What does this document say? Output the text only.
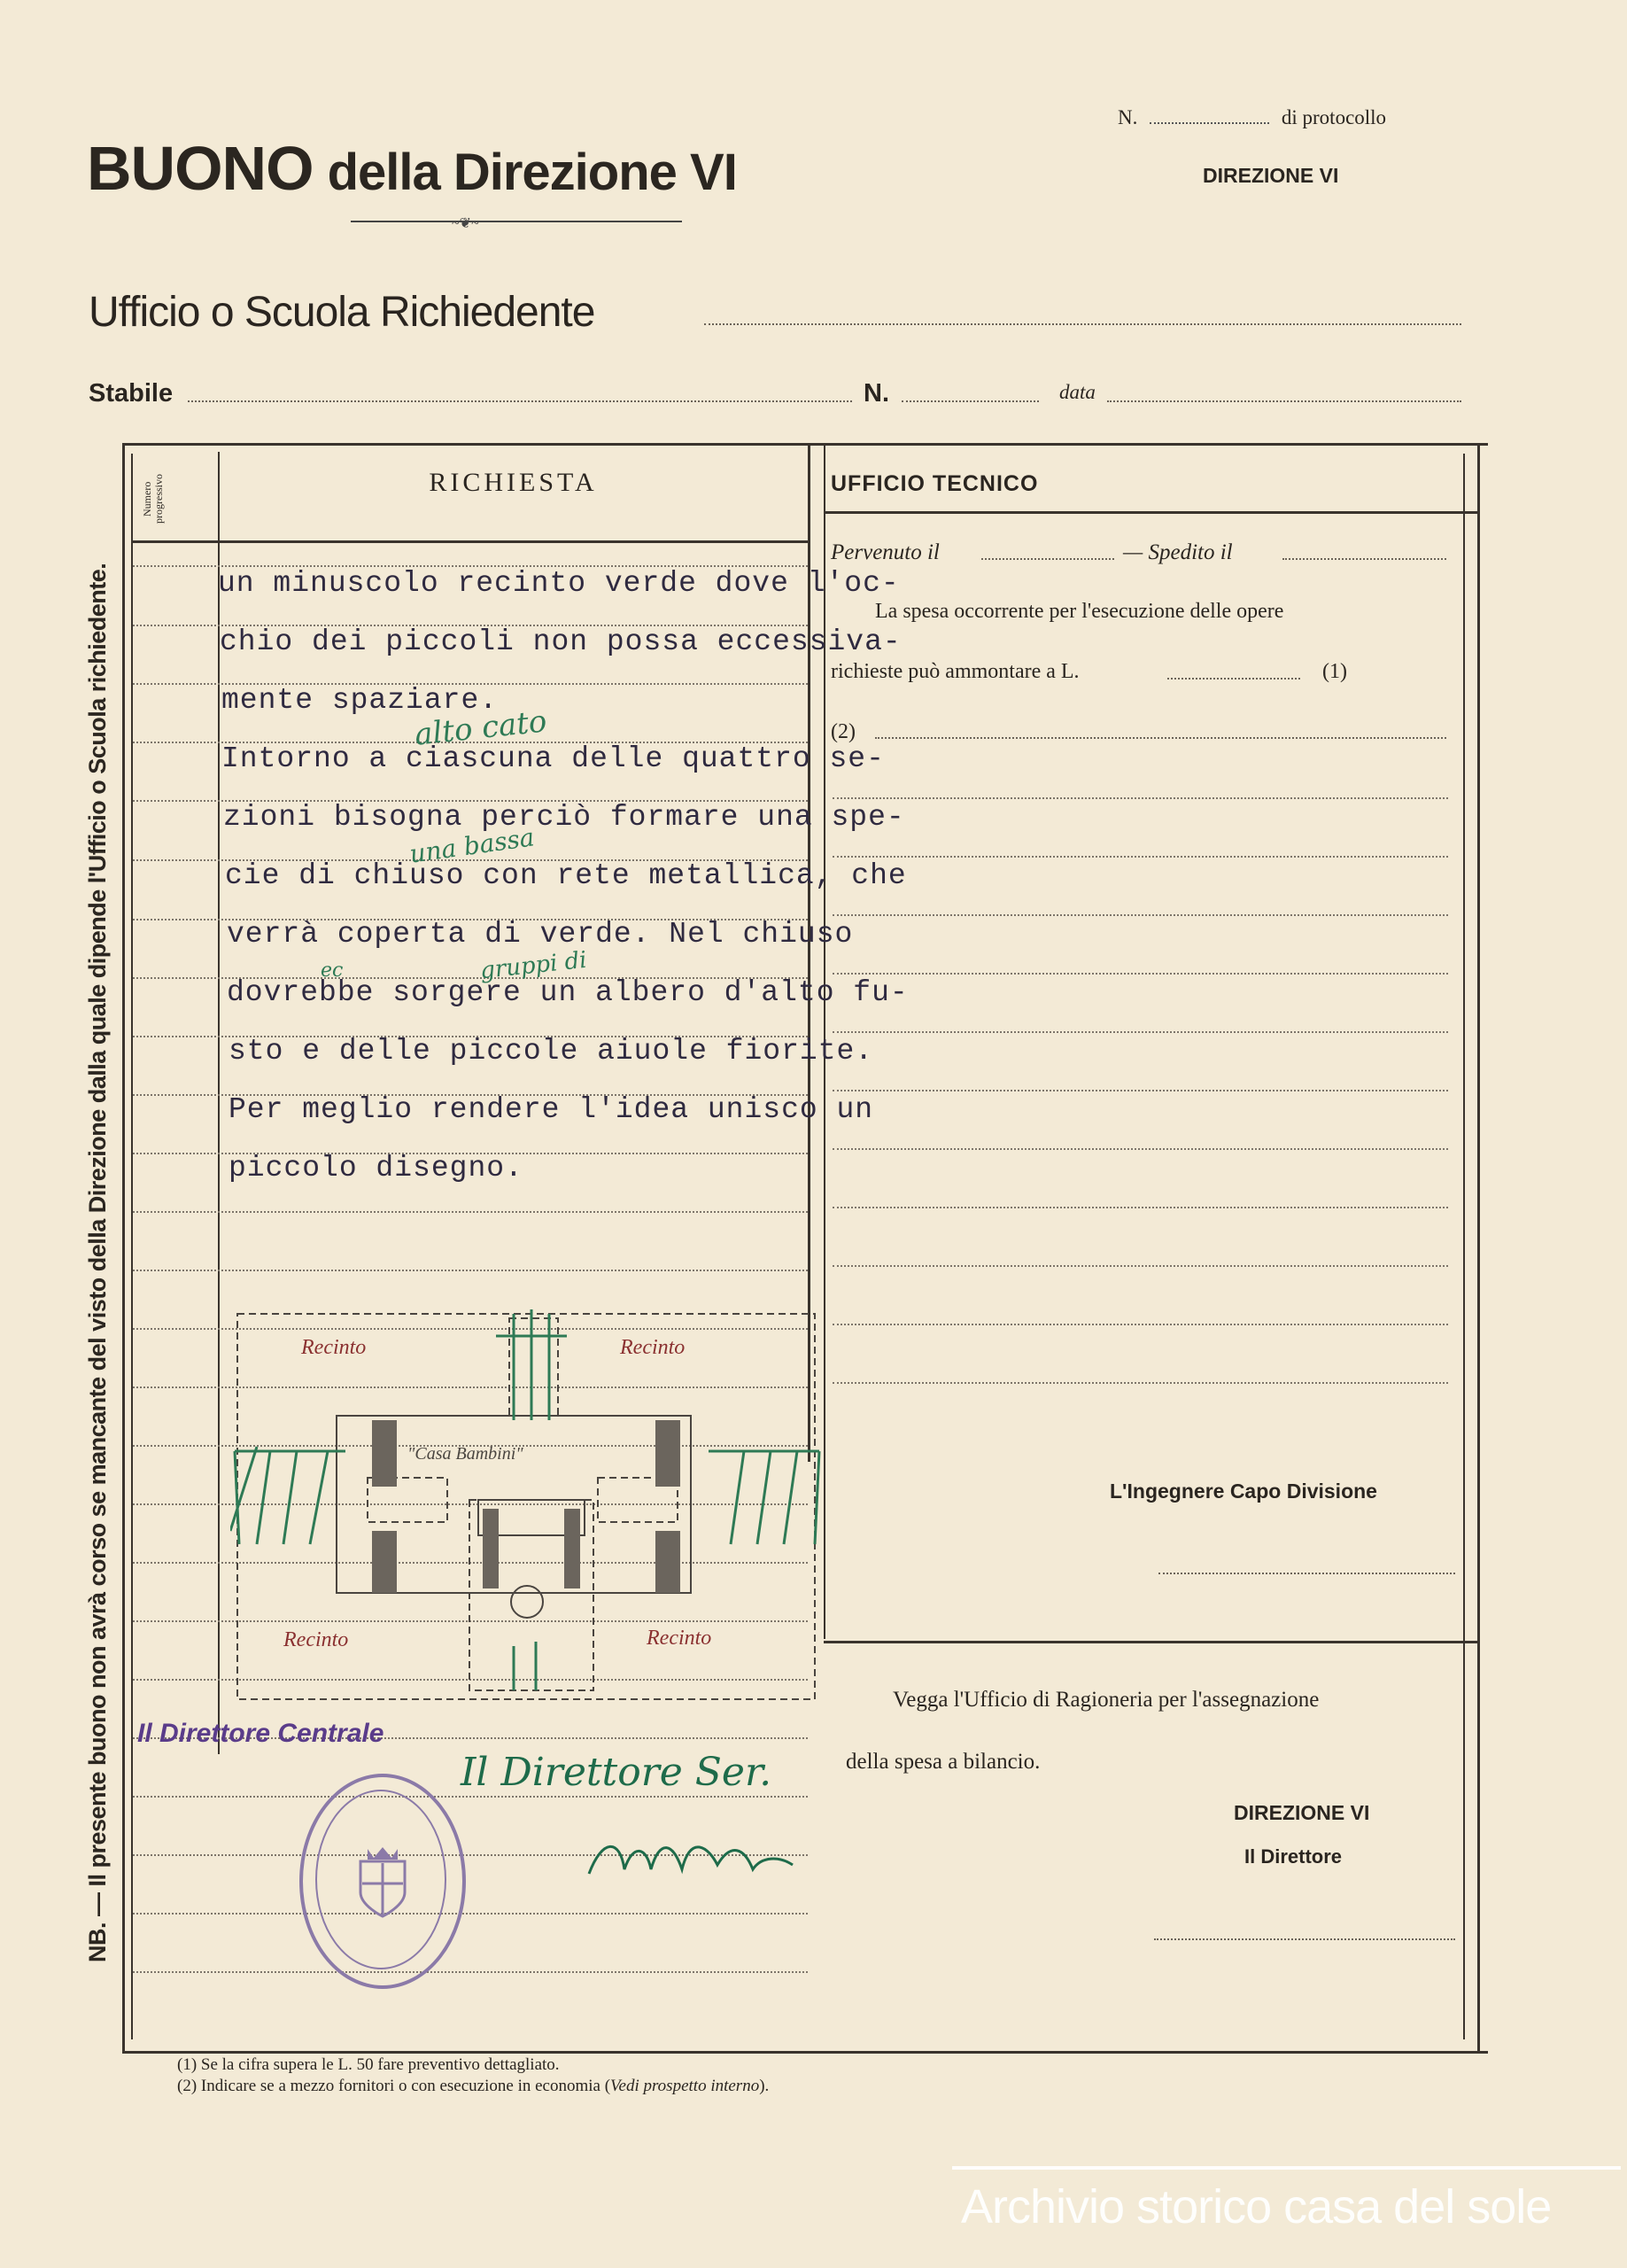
N.	di protocollo
DIREZIONE VI
BUONO della Direzione VI
~❦~
Ufficio o Scuola Richiedente
Stabile	N.	data
Numero progressivo	RICHIESTA
un minuscolo recinto verde dove l'oc-
chio dei piccoli non possa eccessiva-
mente spaziare.
Intorno a ciascuna delle quattro se-
zioni bisogna perciò formare una spe-
cie di chiuso con rete metallica, che
verrà coperta di verde. Nel chiuso
dovrebbe sorgere un albero d'alto fu-
sto e delle piccole aiuole fiorite.
Per meglio rendere l'idea unisco un
piccolo disegno.
alto cato
una bassa
gruppi di
ec
NB. — Il presente buono non avrà corso se mancante del visto della Direzione dalla quale dipende l'Ufficio o Scuola richiedente.	Recinto	Recinto
Recinto	Recinto
"Casa Bambini"
Il Direttore Centrale
Il Direttore Ser.
UFFICIO TECNICO
Pervenuto il	— Spedito il
La spesa occorrente per l'esecuzione delle opere
richieste può ammontare a L.	(1)
(2)
L'Ingegnere Capo Divisione
Vegga l'Ufficio di Ragioneria per l'assegnazione
della spesa a bilancio.
DIREZIONE VI
Il Direttore
(1) Se la cifra supera le L. 50 fare preventivo dettagliato.
(2) Indicare se a mezzo fornitori o con esecuzione in economia (Vedi prospetto interno).
Archivio storico casa del sole
